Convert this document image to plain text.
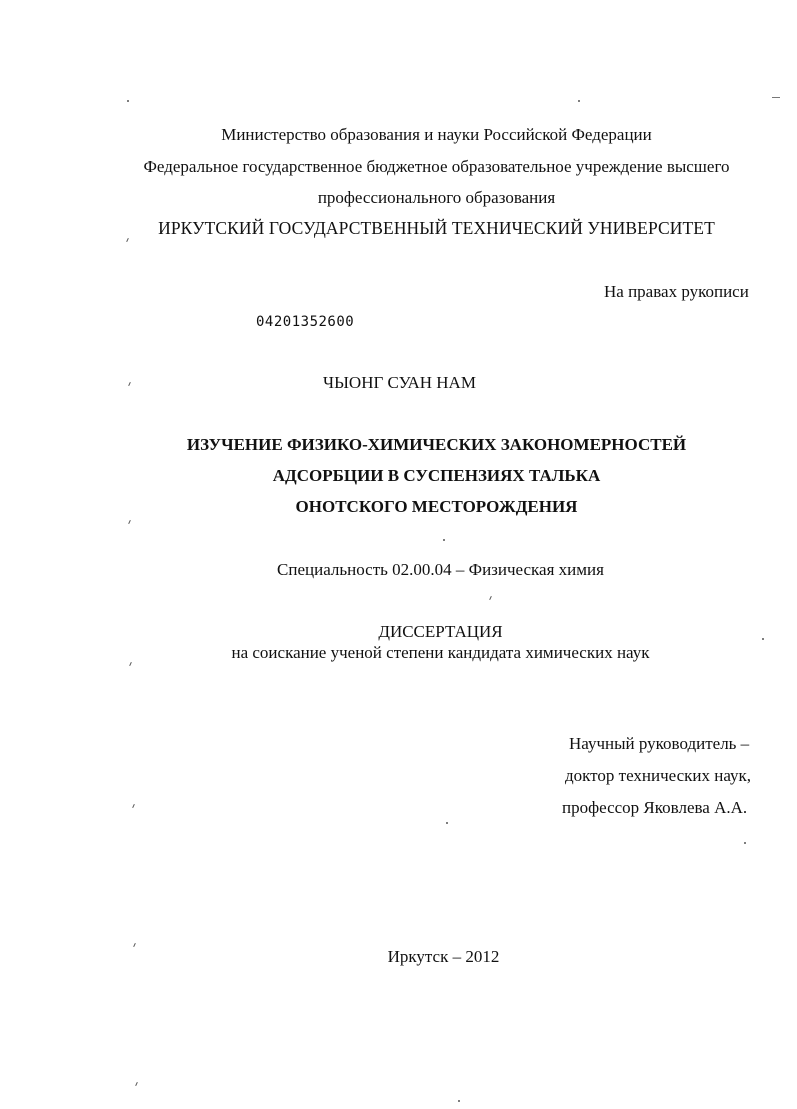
Министерство образования и науки Российской Федерации
Федеральное государственное бюджетное образовательное учреждение высшего
профессионального образования
ИРКУТСКИЙ ГОСУДАРСТВЕННЫЙ ТЕХНИЧЕСКИЙ УНИВЕРСИТЕТ
На правах рукописи
04201352600
ЧЫОНГ СУАН НАМ
ИЗУЧЕНИЕ ФИЗИКО-ХИМИЧЕСКИХ ЗАКОНОМЕРНОСТЕЙ
АДСОРБЦИИ В СУСПЕНЗИЯХ ТАЛЬКА
ОНОТСКОГО МЕСТОРОЖДЕНИЯ
Специальность 02.00.04 – Физическая химия
ДИССЕРТАЦИЯ
на соискание ученой степени кандидата химических наук
Научный руководитель –
доктор технических наук,
профессор Яковлева А.А.
Иркутск – 2012
